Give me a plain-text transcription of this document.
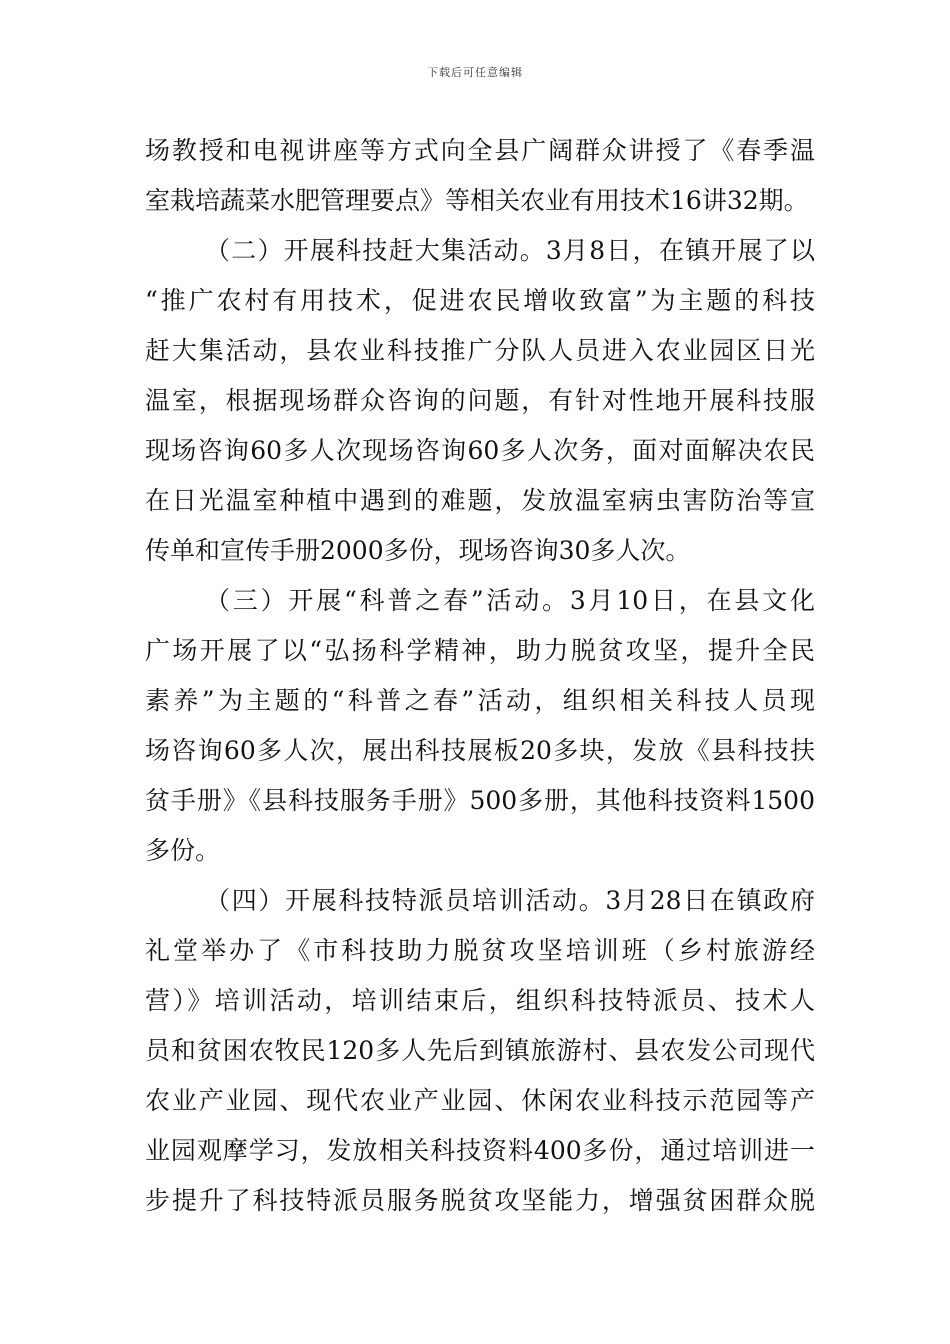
下载后可任意编辑
场教授和电视讲座等方式向全县广阔群众讲授了《春季温
室栽培蔬菜水肥管理要点》等相关农业有用技术16讲32期。
（二）开展科技赶大集活动。3月8日，在镇开展了以
“推广农村有用技术，促进农民增收致富”为主题的科技
赶大集活动，县农业科技推广分队人员进入农业园区日光
温室，根据现场群众咨询的问题，有针对性地开展科技服
现场咨询60多人次现场咨询60多人次务，面对面解决农民
在日光温室种植中遇到的难题，发放温室病虫害防治等宣
传单和宣传手册2000多份，现场咨询30多人次。
（三）开展“科普之春”活动。3月10日，在县文化
广场开展了以“弘扬科学精神，助力脱贫攻坚，提升全民
素养”为主题的“科普之春”活动，组织相关科技人员现
场咨询60多人次，展出科技展板20多块，发放《县科技扶
贫手册》《县科技服务手册》500多册，其他科技资料1500
多份。
（四）开展科技特派员培训活动。3月28日在镇政府
礼堂举办了《市科技助力脱贫攻坚培训班（乡村旅游经
营）》培训活动，培训结束后，组织科技特派员、技术人
员和贫困农牧民120多人先后到镇旅游村、县农发公司现代
农业产业园、现代农业产业园、休闲农业科技示范园等产
业园观摩学习，发放相关科技资料400多份，通过培训进一
步提升了科技特派员服务脱贫攻坚能力，增强贫困群众脱
